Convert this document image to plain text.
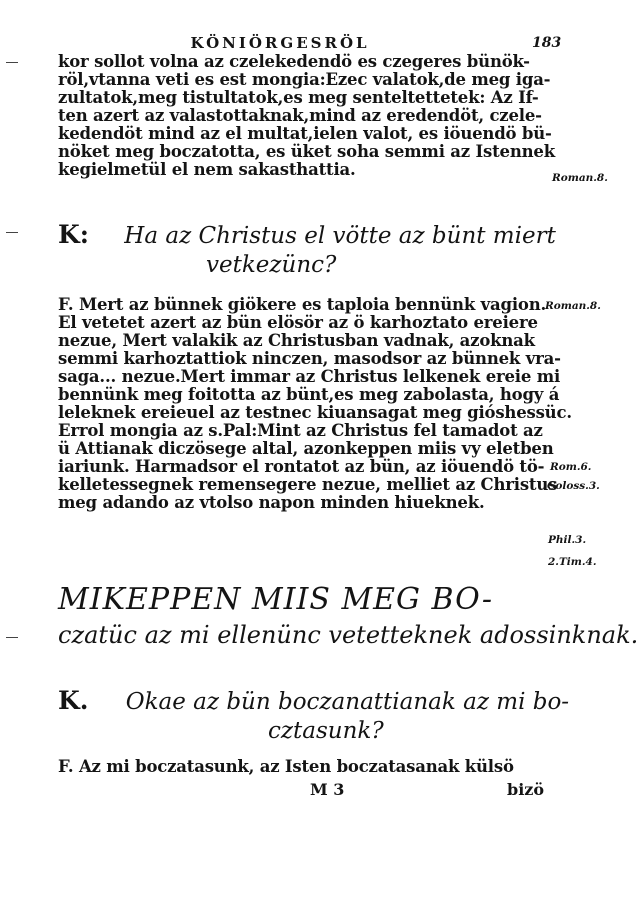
KÖNIÖRGESRÖL	183
kor sollot volna az czelekedendö es czegeres bünök-
röl,vtanna veti es est mongia:Ezec valatok,de meg iga-
zultatok,meg tistultatok,es meg senteltettetek: Az If-
ten azert az valastottaknak,mind az eredendöt, czele-
kedendöt mind az el multat,ielen valot, es iöuendö bü-
nöket meg boczatotta, es üket soha semmi az Istennek
kegielmetül el nem sakasthattia.	Roman.8.
K: Ha az Christus el vötte az bünt miert
vetkezünc?
F. Mert az bünnek giökere es taploia bennünk vagion.
El vetetet azert az bün elösör az ö karhoztato ereiere
nezue, Mert valakik az Christusban vadnak, azoknak
semmi karhoztattiok ninczen, masodsor az bünnek vra-
saga... nezue.Mert immar az Christus lelkenek ereie mi
bennünk meg foitotta az bünt,es meg zabolasta, hogy á
leleknek ereieuel az testnec kiuansagat meg gióshessüc.
Errol mongia az s.Pal:Mint az Christus fel tamadot az
ü Attianak diczösege altal, azonkeppen miis vy eletben
iariunk. Harmadsor el rontatot az bün, az iöuendö tö-
kelletessegnek remensegere nezue, melliet az Christus
meg adando az vtolso napon minden hiueknek.
Roman.8.
Rom.6.
Coloss.3.
Phil.3.
2.Tim.4.
MIKEPPEN MIIS MEG BO-
czatüc az mi ellenünc vetetteknek adossinknak.
K. Okae az bün boczanattianak az mi bo-
cztasunk?
F. Az mi boczatasunk, az Isten boczatasanak külsö
M 3	bizö
